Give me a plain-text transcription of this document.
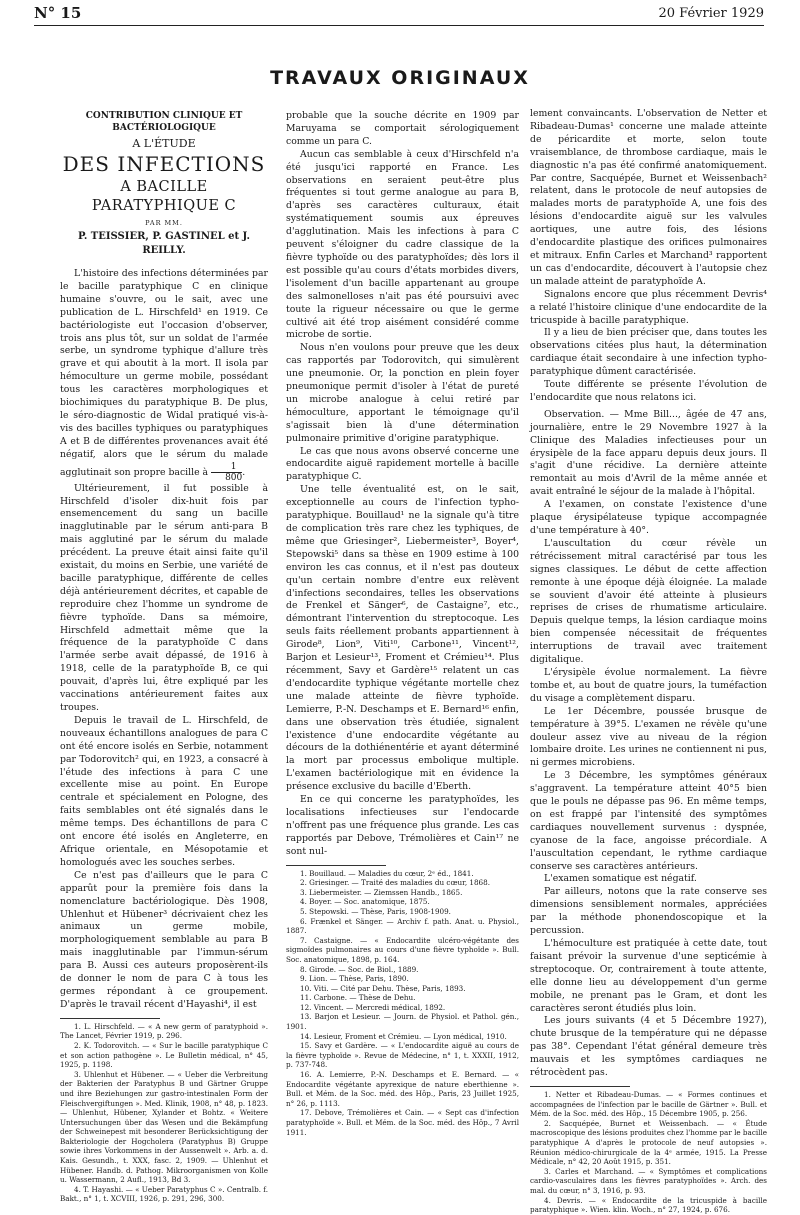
N° 15	20 Février 1929
TRAVAUX ORIGINAUX
CONTRIBUTION CLINIQUE ET BACTÉRIOLOGIQUE
A L'ÉTUDE
DES INFECTIONS
A BACILLE PARATYPHIQUE C
PAR MM.
P. TEISSIER, P. GASTINEL et J. REILLY.

L'histoire des infections déterminées par le bacille paratyphique C en clinique humaine s'ouvre, ou le sait, avec une publication de L. Hirschfeld¹ en 1919. Ce bactériologiste eut l'occasion d'observer, trois ans plus tôt, sur un soldat de l'armée serbe, un syndrome typhique d'allure très grave et qui aboutit à la mort. Il isola par hémoculture un germe mobile, possédant tous les caractères morphologiques et biochimiques du paratyphique B. De plus, le séro-diagnostic de Widal pratiqué vis-à-vis des bacilles typhiques ou paratyphiques A et B de différentes provenances avait été négatif, alors que le sérum du malade agglutinait son propre bacille à $\frac{1}{800}$ .

Ultérieurement, il fut possible à Hirschfeld d'isoler dix-huit fois par ensemencement du sang un bacille inagglutinable par le sérum anti-para B mais agglutiné par le sérum du malade précédent. La preuve était ainsi faite qu'il existait, du moins en Serbie, une variété de bacille paratyphique, différente de celles déjà antérieurement décrites, et capable de reproduire chez l'homme un syndrome de fièvre typhoïde. Dans sa mémoire, Hirschfeld admettait même que la fréquence de la paratyphoïde C dans l'armée serbe avait dépassé, de 1916 à 1918, celle de la paratyphoïde B, ce qui pouvait, d'après lui, être expliqué par les vaccinations antérieurement faites aux troupes.

Depuis le travail de L. Hirschfeld, de nouveaux échantillons analogues de para C ont été encore isolés en Serbie, notamment par Todorovitch² qui, en 1923, a consacré à l'étude des infections à para C une excellente mise au point. En Europe centrale et spécialement en Pologne, des faits semblables ont été signalés dans le même temps. Des échantillons de para C ont encore été isolés en Angleterre, en Afrique orientale, en Mésopotamie et homologués avec les souches serbes.

Ce n'est pas d'ailleurs que le para C apparût pour la première fois dans la nomenclature bactériologique. Dès 1908, Uhlenhut et Hübener³ décrivaient chez les animaux un germe mobile, morphologiquement semblable au para B mais inagglutinable par l'immun-sérum para B. Aussi ces auteurs proposèrent-ils de donner le nom de para C à tous les germes répondant à ce groupement. D'après le travail récent d'Hayashi⁴, il est

1. L. Hirschfeld. — « A new germ of paratyphoid ». The Lancet, Février 1919, p. 296.

2. K. Todorovitch. — « Sur le bacille paratyphique C et son action pathogène ». Le Bulletin médical, n° 45, 1925, p. 1198.

3. Uhlenhut et Hübener. — « Ueber die Verbreitung der Bakterien der Paratyphus B und Gärtner Gruppe und ihre Beziehungen zur gastro-intestinalen Form der Fleischvergiftungen ». Med. Klinik, 1908, n° 48, p. 1823. — Uhlenhut, Hübener, Xylander et Bohtz. « Weitere Untersuchungen über das Wesen und die Bekämpfung der Schweinepest mit besonderer Berücksichtigung der Bakteriologie der Hogcholera (Paratyphus B) Gruppe sowie ihres Vorkommens in der Aussenwelt ». Arb. a. d. Kais. Gesundh., t. XXX, fasc. 2, 1909. — Uhlenhut et Hübener. Handb. d. Pathog. Mikroorganismen von Kolle u. Wassermann, 2 Aufl., 1913, Bd 3.

4. T. Hayashi. — « Ueber Paratyphus C ». Centralb. f. Bakt., n° 1, t. XCVIII, 1926, p. 291, 296, 300.

probable que la souche décrite en 1909 par Maruyama se comportait sérologiquement comme un para C.

Aucun cas semblable à ceux d'Hirschfeld n'a été jusqu'ici rapporté en France. Les observations en seraient peut-être plus fréquentes si tout germe analogue au para B, d'après ses caractères culturaux, était systématiquement soumis aux épreuves d'agglutination. Mais les infections à para C peuvent s'éloigner du cadre classique de la fièvre typhoïde ou des paratyphoïdes; dès lors il est possible qu'au cours d'états morbides divers, l'isolement d'un bacille appartenant au groupe des salmonelloses n'ait pas été poursuivi avec toute la rigueur nécessaire ou que le germe cultivé ait été trop aisément considéré comme microbe de sortie.

Nous n'en voulons pour preuve que les deux cas rapportés par Todorovitch, qui simulèrent une pneumonie. Or, la ponction en plein foyer pneumonique permit d'isoler à l'état de pureté un microbe analogue à celui retiré par hémoculture, apportant le témoignage qu'il s'agissait bien là d'une détermination pulmonaire primitive d'origine paratyphique.

Le cas que nous avons observé concerne une endocardite aiguë rapidement mortelle à bacille paratyphique C.

Une telle éventualité est, on le sait, exceptionnelle au cours de l'infection typho-paratyphique. Bouillaud¹ ne la signale qu'à titre de complication très rare chez les typhiques, de même que Griesinger², Liebermeister³, Boyer⁴, Stepowski⁵ dans sa thèse en 1909 estime à 100 environ les cas connus, et il n'est pas douteux qu'un certain nombre d'entre eux relèvent d'infections secondaires, telles les observations de Frenkel et Sänger⁶, de Castaigne⁷, etc., démontrant l'intervention du streptocoque. Les seuls faits réellement probants appartiennent à Girode⁸, Lion⁹, Viti¹⁰, Carbone¹¹, Vincent¹², Barjon et Lesieur¹³, Froment et Crémieu¹⁴. Plus récemment, Savy et Gardère¹⁵ relatent un cas d'endocardite typhique végétante mortelle chez une malade atteinte de fièvre typhoïde. Lemierre, P.-N. Deschamps et E. Bernard¹⁶ enfin, dans une observation très étudiée, signalent l'existence d'une endocardite végétante au décours de la dothiénentérie et ayant déterminé la mort par processus embolique multiple. L'examen bactériologique mit en évidence la présence exclusive du bacille d'Eberth.

En ce qui concerne les paratyphoïdes, les localisations infectieuses sur l'endocarde n'offrent pas une fréquence plus grande. Les cas rapportés par Debove, Trémolières et Cain¹⁷ ne sont nul-

1. Bouillaud. — Maladies du cœur, 2ᵉ éd., 1841.

2. Griesinger. — Traité des maladies du cœur, 1868.

3. Liebermeister. — Ziemssen Handb., 1865.

4. Boyer. — Soc. anatomique, 1875.

5. Stepowski. — Thèse, Paris, 1908-1909.

6. Frænkel et Sänger. — Archiv f. path. Anat. u. Physiol., 1887.

7. Castaigne. — « Endocardite ulcéro-végétante des sigmoïdes pulmonaires au cours d'une fièvre typhoïde ». Bull. Soc. anatomique, 1898, p. 164.

8. Girode. — Soc. de Biol., 1889.

9. Lion. — Thèse, Paris, 1890.

10. Viti. — Cité par Dehu. Thèse, Paris, 1893.

11. Carbone. — Thèse de Dehu.

12. Vincent. — Mercredi médical, 1892.

13. Barjon et Lesieur. — Journ. de Physiol. et Pathol. gén., 1901.

14. Lesieur, Froment et Crémieu. — Lyon médical, 1910.

15. Savy et Gardère. — « L'endocardite aiguë au cours de la fièvre typhoïde ». Revue de Médecine, n° 1, t. XXXII, 1912, p. 737-748.

16. A. Lemierre, P.-N. Deschamps et E. Bernard. — « Endocardite végétante apyrexique de nature eberthienne ». Bull. et Mém. de la Soc. méd. des Hôp., Paris, 23 Juillet 1925, n° 26, p. 1113.

17. Debove, Trémolières et Cain. — « Sept cas d'infection paratyphoïde ». Bull. et Mém. de la Soc. méd. des Hôp., 7 Avril 1911.

lement convaincants. L'observation de Netter et Ribadeau-Dumas¹ concerne une malade atteinte de péricardite et morte, selon toute vraisemblance, de thrombose cardiaque, mais le diagnostic n'a pas été confirmé anatomiquement. Par contre, Sacquépée, Burnet et Weissenbach² relatent, dans le protocole de neuf autopsies de malades morts de paratyphoïde A, une fois des lésions d'endocardite aiguë sur les valvules aortiques, une autre fois, des lésions d'endocardite plastique des orifices pulmonaires et mitraux. Enfin Carles et Marchand³ rapportent un cas d'endocardite, découvert à l'autopsie chez un malade atteint de paratyphoïde A.

Signalons encore que plus récemment Devris⁴ a relaté l'histoire clinique d'une endocardite de la tricuspide à bacille paratyphique.

Il y a lieu de bien préciser que, dans toutes les observations citées plus haut, la détermination cardiaque était secondaire à une infection typho-paratyphique dûment caractérisée.

Toute différente se présente l'évolution de l'endocardite que nous relatons ici.

Observation. — Mme Bill..., âgée de 47 ans, journalière, entre le 29 Novembre 1927 à la Clinique des Maladies infectieuses pour un érysipèle de la face apparu depuis deux jours. Il s'agit d'une récidive. La dernière atteinte remontait au mois d'Avril de la même année et avait entraîné le séjour de la malade à l'hôpital.

A l'examen, on constate l'existence d'une plaque érysipélateuse typique accompagnée d'une température à 40°.

L'auscultation du cœur révèle un rétrécissement mitral caractérisé par tous les signes classiques. Le début de cette affection remonte à une époque déjà éloignée. La malade se souvient d'avoir été atteinte à plusieurs reprises de crises de rhumatisme articulaire. Depuis quelque temps, la lésion cardiaque moins bien compensée nécessitait de fréquentes interruptions de travail avec traitement digitalique.

L'érysipèle évolue normalement. La fièvre tombe et, au bout de quatre jours, la tuméfaction du visage a complètement disparu.

Le 1er Décembre, poussée brusque de température à 39°5. L'examen ne révèle qu'une douleur assez vive au niveau de la région lombaire droite. Les urines ne contiennent ni pus, ni germes microbiens.

Le 3 Décembre, les symptômes généraux s'aggravent. La température atteint 40°5 bien que le pouls ne dépasse pas 96. En même temps, on est frappé par l'intensité des symptômes cardiaques nouvellement survenus : dyspnée, cyanose de la face, angoisse précordiale. A l'auscultation cependant, le rythme cardiaque conserve ses caractères antérieurs.

L'examen somatique est négatif.

Par ailleurs, notons que la rate conserve ses dimensions sensiblement normales, appréciées par la méthode phonendoscopique et la percussion.

L'hémoculture est pratiquée à cette date, tout faisant prévoir la survenue d'une septicémie à streptocoque. Or, contrairement à toute attente, elle donne lieu au développement d'un germe mobile, ne prenant pas le Gram, et dont les caractères seront étudiés plus loin.

Les jours suivants (4 et 5 Décembre 1927), chute brusque de la température qui ne dépasse pas 38°. Cependant l'état général demeure très mauvais et les symptômes cardiaques ne rétrocèdent pas.

1. Netter et Ribadeau-Dumas. — « Formes continues et accompagnées de l'infection par le bacille de Gärtner ». Bull. et Mém. de la Soc. méd. des Hôp., 15 Décembre 1905, p. 256.

2. Sacquépée, Burnet et Weissenbach. — « Étude macroscopique des lésions produites chez l'homme par le bacille paratyphique A d'après le protocole de neuf autopsies ». Réunion médico-chirurgicale de la 4ᵉ armée, 1915. La Presse Médicale, n° 42, 20 Août 1915, p. 351.

3. Carles et Marchand. — « Symptômes et complications cardio-vasculaires dans les fièvres paratyphoïdes ». Arch. des mal. du cœur, n° 3, 1916, p. 93.

4. Devris. — « Endocardite de la tricuspide à bacille paratyphique ». Wien. klin. Woch., n° 27, 1924, p. 676.
